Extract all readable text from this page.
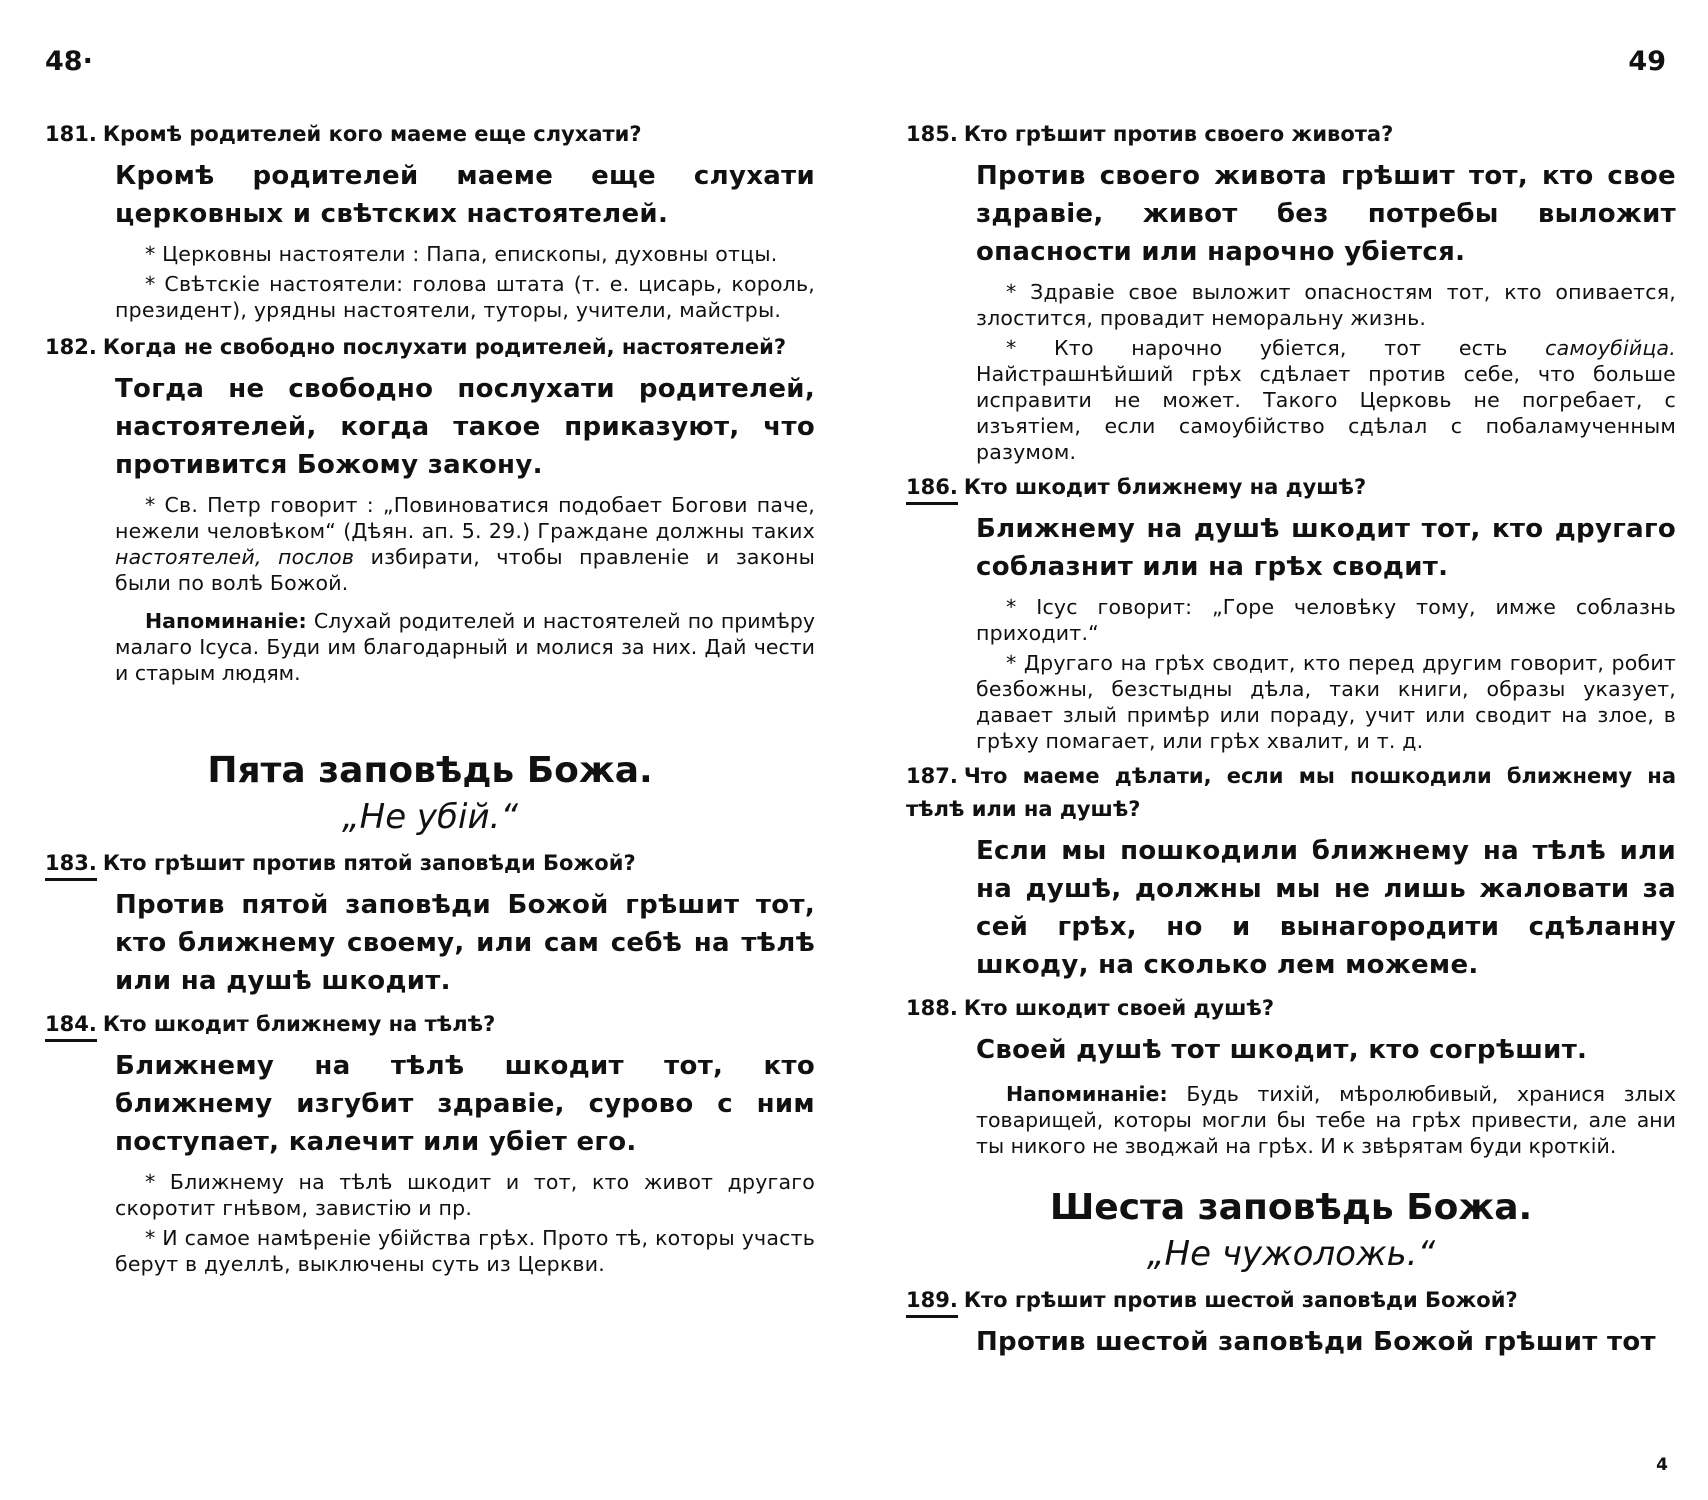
48·
181. Кромѣ родителей кого маеме еще слухати?
Кромѣ родителей маеме еще слухати церковных и свѣтских настоятелей.
* Церковны настоятели : Папа, епископы, духовны отцы.
* Свѣтскіе настоятели: голова штата (т. е. цисарь, король, президент), урядны настоятели, туторы, учители, майстры.
182. Когда не свободно послухати родителей, настоятелей?
Тогда не свободно послухати родителей, настоятелей, когда такое приказуют, что противится Божому закону.
* Св. Петр говорит : „Повиноватися подобает Богови паче, нежели человѣком“ (Дѣян. ап. 5. 29.) Граждане должны таких настоятелей, послов избирати, чтобы правленіе и законы были по волѣ Божой.
Напоминаніе: Слухай родителей и настоятелей по примѣру малаго Ісуса. Буди им благодарный и молися за них. Дай чести и старым людям.
Пята заповѣдь Божа.
„Не убій.“
183. Кто грѣшит против пятой заповѣди Божой?
Против пятой заповѣди Божой грѣшит тот, кто ближнему своему, или сам себѣ на тѣлѣ или на душѣ шкодит.
184. Кто шкодит ближнему на тѣлѣ?
Ближнему на тѣлѣ шкодит тот, кто ближнему изгубит здравіе, сурово с ним поступает, калечит или убіет его.
* Ближнему на тѣлѣ шкодит и тот, кто живот другаго скоротит гнѣвом, завистію и пр.
* И самое намѣреніе убійства грѣх. Прото тѣ, которы участь берут в дуеллѣ, выключены суть из Церкви.
49
185. Кто грѣшит против своего живота?
Против своего живота грѣшит тот, кто свое здравіе, живот без потребы выложит опасности или нарочно убіется.
* Здравіе свое выложит опасностям тот, кто опивается, злостится, провадит неморальну жизнь.
* Кто нарочно убіется, тот есть самоубійца. Найстрашнѣйший грѣх сдѣлает против себе, что больше исправити не может. Такого Церковь не погребает, с изъятіем, если самоубійство сдѣлал с побаламученным разумом.
186. Кто шкодит ближнему на душѣ?
Ближнему на душѣ шкодит тот, кто другаго соблазнит или на грѣх сводит.
* Ісус говорит: „Горе человѣку тому, имже соблазнь приходит.“
* Другаго на грѣх сводит, кто перед другим говорит, робит безбожны, безстыдны дѣла, таки книги, образы указует, давает злый примѣр или пораду, учит или сводит на злое, в грѣху помагает, или грѣх хвалит, и т. д.
187. Что маеме дѣлати, если мы пошкодили ближнему на тѣлѣ или на душѣ?
Если мы пошкодили ближнему на тѣлѣ или на душѣ, должны мы не лишь жаловати за сей грѣх, но и вынагородити сдѣланну шкоду, на сколько лем можеме.
188. Кто шкодит своей душѣ?
Своей душѣ тот шкодит, кто согрѣшит.
Напоминаніе: Будь тихій, мѣролюбивый, хранися злых товарищей, которы могли бы тебе на грѣх привести, але ани ты никого не зводжай на грѣх. И к звѣрятам буди кроткій.
Шеста заповѣдь Божа.
„Не чужоложь.“
189. Кто грѣшит против шестой заповѣди Божой?
Против шестой заповѣди Божой грѣшит тот
4
